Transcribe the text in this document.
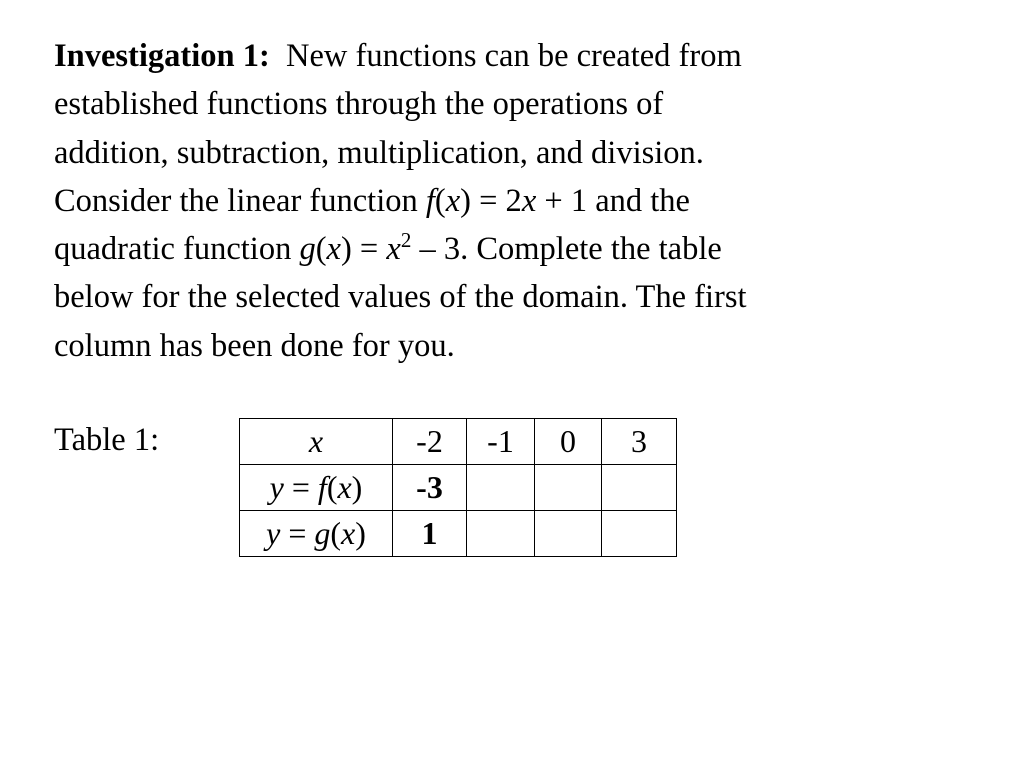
Investigation 1: New functions can be created from
established functions through the operations of
addition, subtraction, multiplication, and division.
Consider the linear function f(x) = 2x + 1 and the
quadratic function $g(x) = x^2 - 3$. Complete the table
below for the selected values of the domain. The first
column has been done for you.
Table 1:	x	-2	-1	0	3
y = f(x)	-3			
y = g(x)	1			
